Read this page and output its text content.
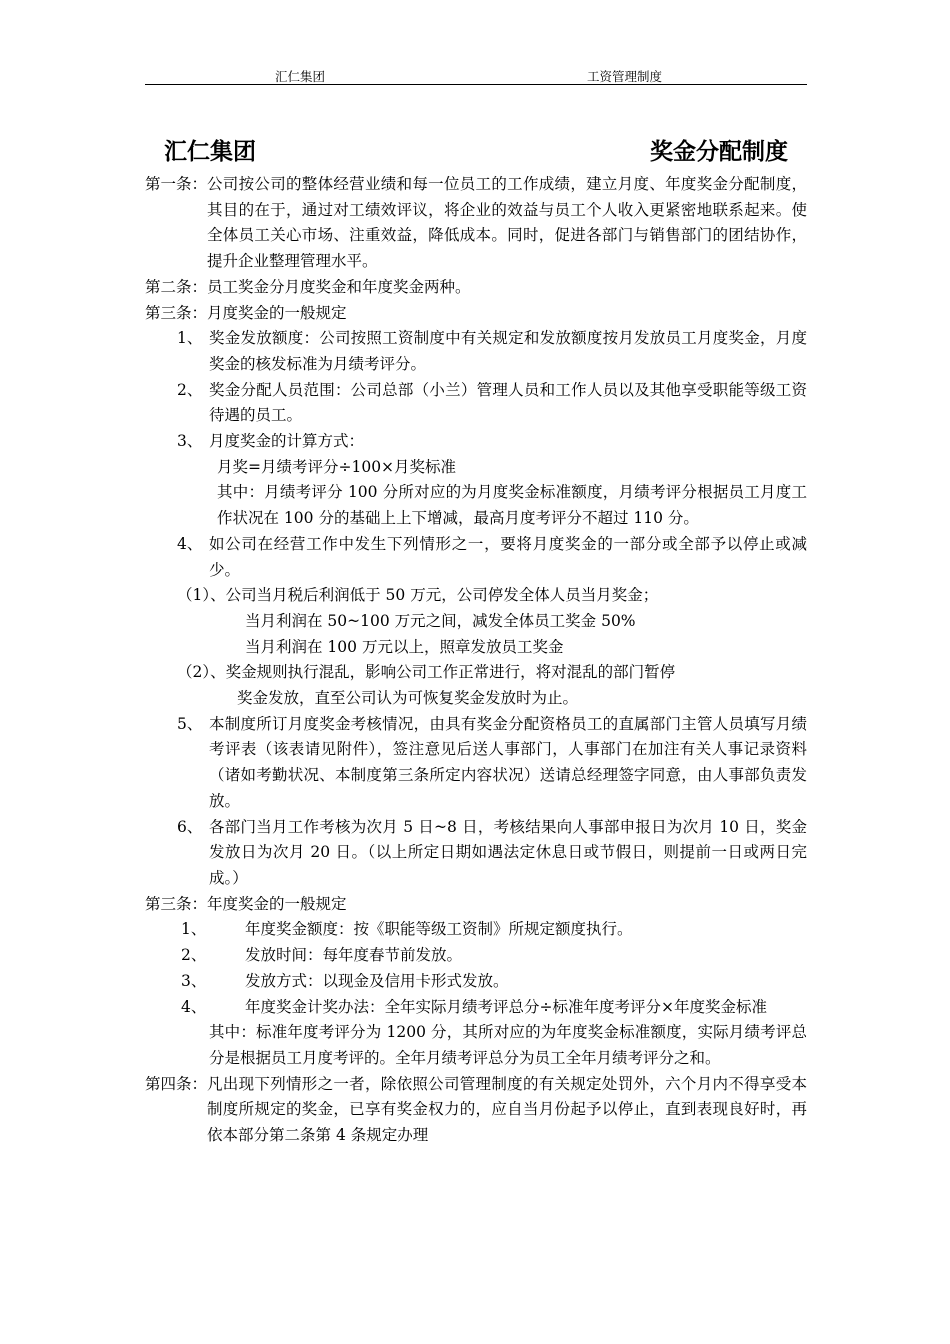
汇仁集团	工资管理制度
汇仁集团	奖金分配制度
第一条： 公司按公司的整体经营业绩和每一位员工的工作成绩，建立月度、年度奖金分配制度，其目的在于，通过对工绩效评议，将企业的效益与员工个人收入更紧密地联系起来。使全体员工关心市场、注重效益，降低成本。同时，促进各部门与销售部门的团结协作，提升企业整理管理水平。
第二条： 员工奖金分月度奖金和年度奖金两种。
第三条： 月度奖金的一般规定
1、 奖金发放额度：公司按照工资制度中有关规定和发放额度按月发放员工月度奖金，月度奖金的核发标准为月绩考评分。
2、 奖金分配人员范围：公司总部（小兰）管理人员和工作人员以及其他享受职能等级工资待遇的员工。
3、 月度奖金的计算方式：
月奖=月绩考评分÷100×月奖标准
其中：月绩考评分 100 分所对应的为月度奖金标准额度，月绩考评分根据员工月度工作状况在 100 分的基础上上下增减，最高月度考评分不超过 110 分。
4、 如公司在经营工作中发生下列情形之一，要将月度奖金的一部分或全部予以停止或减少。
（1）、公司当月税后利润低于 50 万元，公司停发全体人员当月奖金；
当月利润在 50~100 万元之间，减发全体员工奖金 50%
当月利润在 100 万元以上，照章发放员工奖金
（2）、奖金规则执行混乱，影响公司工作正常进行，将对混乱的部门暂停
奖金发放，直至公司认为可恢复奖金发放时为止。
5、 本制度所订月度奖金考核情况，由具有奖金分配资格员工的直属部门主管人员填写月绩考评表（该表请见附件），签注意见后送人事部门，人事部门在加注有关人事记录资料（诸如考勤状况、本制度第三条所定内容状况）送请总经理签字同意，由人事部负责发放。
6、 各部门当月工作考核为次月 5 日~8 日，考核结果向人事部申报日为次月 10 日，奖金发放日为次月 20 日。（以上所定日期如遇法定休息日或节假日，则提前一日或两日完成。）
第三条： 年度奖金的一般规定
1、	年度奖金额度：按《职能等级工资制》所规定额度执行。
2、	发放时间：每年度春节前发放。
3、	发放方式：以现金及信用卡形式发放。
4、	年度奖金计奖办法：全年实际月绩考评总分÷标准年度考评分×年度奖金标准
其中：标准年度考评分为 1200 分，其所对应的为年度奖金标准额度，实际月绩考评总分是根据员工月度考评的。全年月绩考评总分为员工全年月绩考评分之和。
第四条： 凡出现下列情形之一者，除依照公司管理制度的有关规定处罚外，六个月内不得享受本制度所规定的奖金，已享有奖金权力的，应自当月份起予以停止，直到表现良好时，再依本部分第二条第 4 条规定办理
